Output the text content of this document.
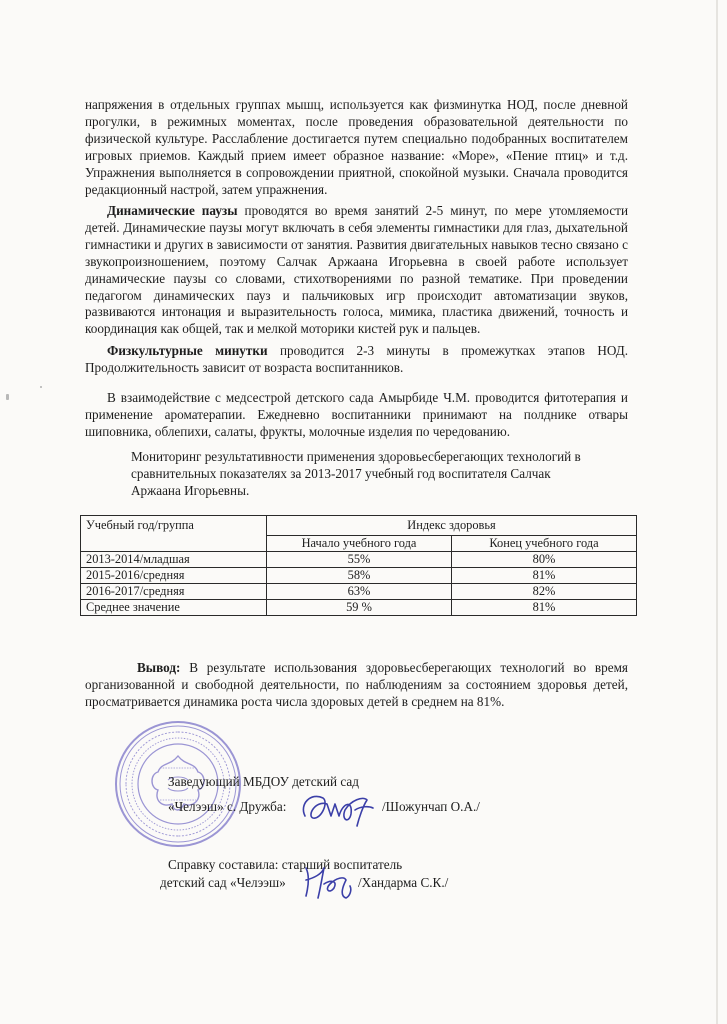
напряжения в отдельных группах мышц, используется как физминутка НОД, после дневной прогулки, в режимных моментах, после проведения образовательной деятельности по физической культуре. Расслабление достигается путем специально подобранных воспитателем игровых приемов. Каждый прием имеет образное название: «Море», «Пение птиц» и т.д. Упражнения выполняется в сопровождении приятной, спокойной музыки. Сначала проводится редакционный настрой, затем упражнения.

Динамические паузы проводятся во время занятий 2-5 минут, по мере утомляемости детей. Динамические паузы могут включать в себя элементы гимнастики для глаз, дыхательной гимнастики и других в зависимости от занятия. Развития двигательных навыков тесно связано с звукопроизношением, поэтому Салчак Аржаана Игорьевна в своей работе использует динамические паузы со словами, стихотворениями по разной тематике. При проведении педагогом динамических пауз и пальчиковых игр происходит автоматизации звуков, развиваются интонация и выразительность голоса, мимика, пластика движений, точность и координация как общей, так и мелкой моторики кистей рук и пальцев.

Физкультурные минутки проводится 2-3 минуты в промежутках этапов НОД. Продолжительность зависит от возраста воспитанников.

В взаимодействие с медсестрой детского сада Амырбиде Ч.М. проводится фитотерапия и применение ароматерапии. Ежедневно воспитанники принимают на полднике отвары шиповника, облепихи, салаты, фрукты, молочные изделия по чередованию.

Мониторинг результативности применения здоровьесберегающих технологий в
сравнительных показателях за 2013-2017 учебный год воспитателя Салчак
Аржаана Игорьевны.
Учебный год/группа	Индекс здоровья	
	Начало учебного года	Конец учебного года
2013-2014/младшая	55%	80%
2015-2016/средняя	58%	81%
2016-2017/средняя	63%	82%
Среднее значение	59 %	81%

Вывод: В результате использования здоровьесберегающих технологий во время организованной и свободной деятельности, по наблюдениям за состоянием здоровья детей, просматривается динамика роста числа здоровых детей в среднем на 81%.

Заведующий МБДОУ детский сад
«Челээш» с. Дружба:	/Шожунчап О.А./
Справку составила: старший воспитатель
детский сад «Челээш»	/Хандарма С.К./
